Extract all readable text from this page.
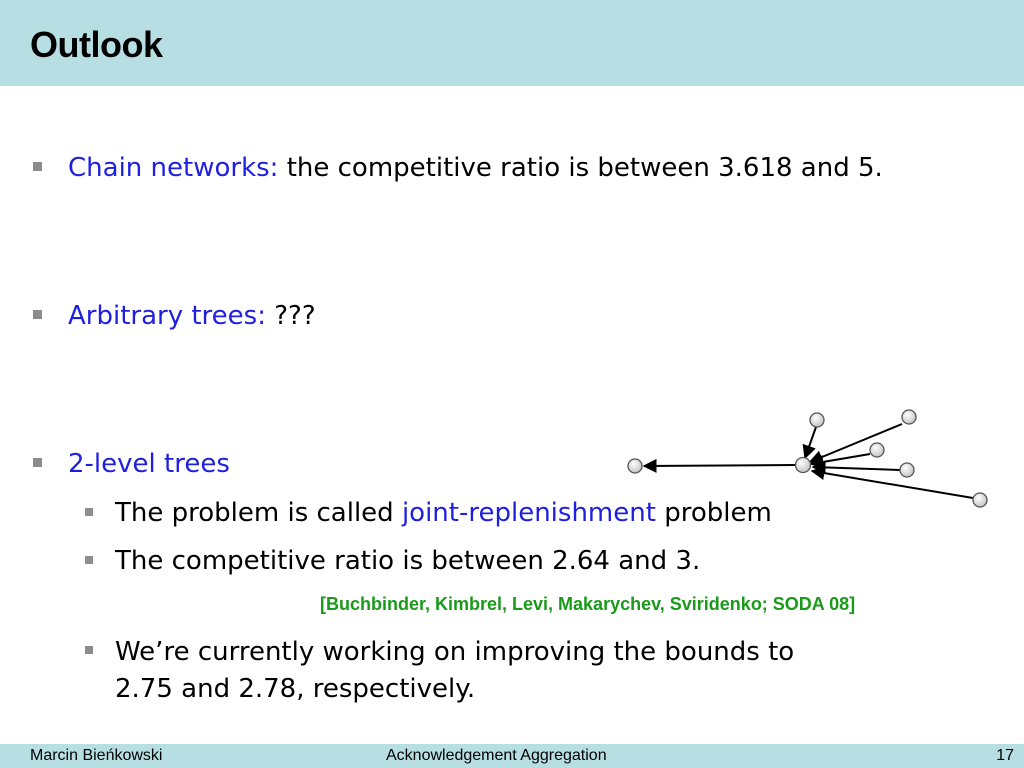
Outlook
Chain networks: the competitive ratio is between 3.618 and 5.
Arbitrary trees: ???
2-level trees
The problem is called joint-replenishment problem
The competitive ratio is between 2.64 and 3.
[Buchbinder, Kimbrel, Levi, Makarychev, Sviridenko; SODA 08]
We’re currently working on improving the bounds to
2.75 and 2.78, respectively.
Marcin Bieńkowski	Acknowledgement Aggregation	17
